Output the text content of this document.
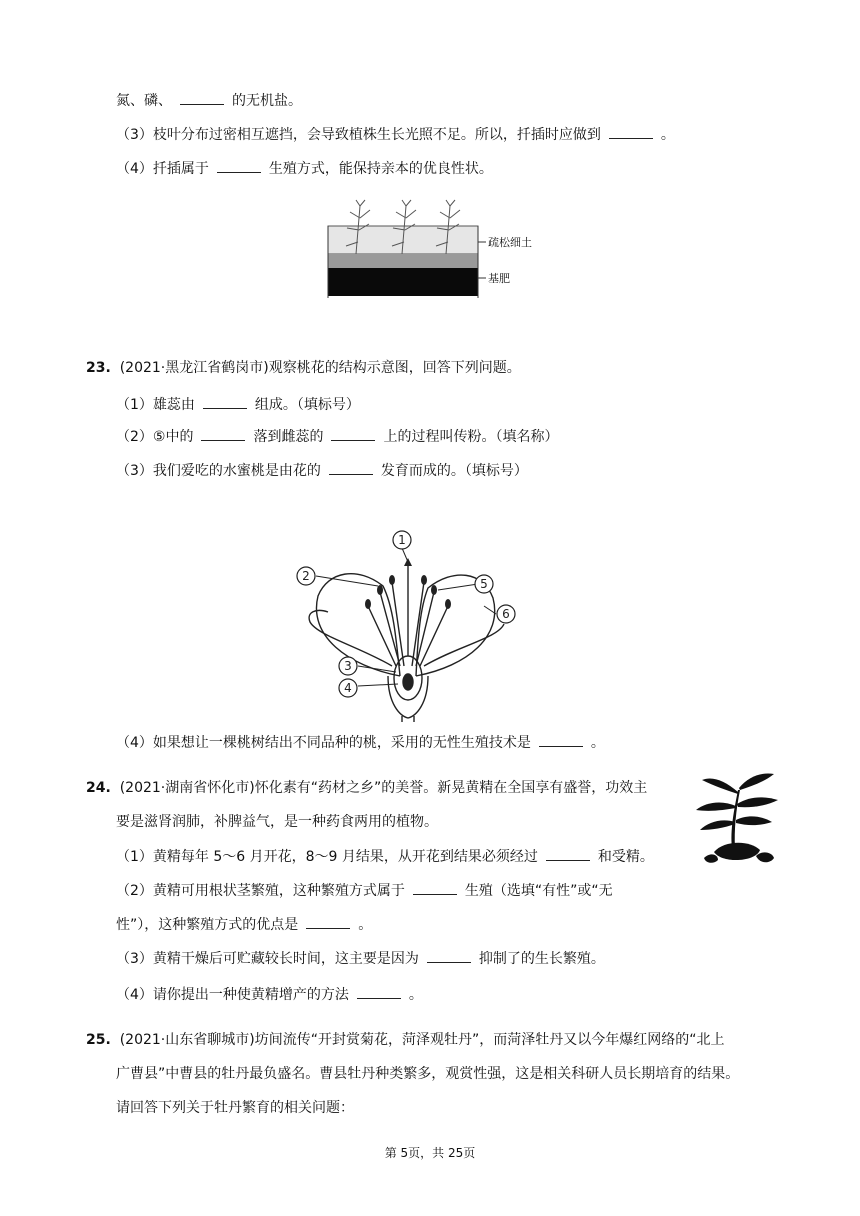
氮、磷、	的无机盐。
（3）枝叶分布过密相互遮挡，会导致植株生长光照不足。所以，扦插时应做到	。
（4）扦插属于	生殖方式，能保持亲本的优良性状。
疏松细土
基肥
23. (2021·黑龙江省鹤岗市)观察桃花的结构示意图，回答下列问题。
（1）雄蕊由	组成。（填标号）
（2）⑤中的	落到雌蕊的	上的过程叫传粉。（填名称）
（3）我们爱吃的水蜜桃是由花的	发育而成的。（填标号）
1
2
3
4
5
6
（4）如果想让一棵桃树结出不同品种的桃，采用的无性生殖技术是	。
24. (2021·湖南省怀化市)怀化素有“药材之乡”的美誉。新晃黄精在全国享有盛誉，功效主
要是滋肾润肺，补脾益气，是一种药食两用的植物。
（1）黄精每年 5～6 月开花，8～9 月结果，从开花到结果必须经过	和受精。
（2）黄精可用根状茎繁殖，这种繁殖方式属于	生殖（选填“有性”或“无
性”），这种繁殖方式的优点是	。
（3）黄精干燥后可贮藏较长时间，这主要是因为	抑制了的生长繁殖。
（4）请你提出一种使黄精增产的方法	。
25. (2021·山东省聊城市)坊间流传“开封赏菊花，菏泽观牡丹”，而菏泽牡丹又以今年爆红网络的“北上
广曹县”中曹县的牡丹最负盛名。曹县牡丹种类繁多，观赏性强，这是相关科研人员长期培育的结果。
请回答下列关于牡丹繁育的相关问题：
第 5页，共 25页
